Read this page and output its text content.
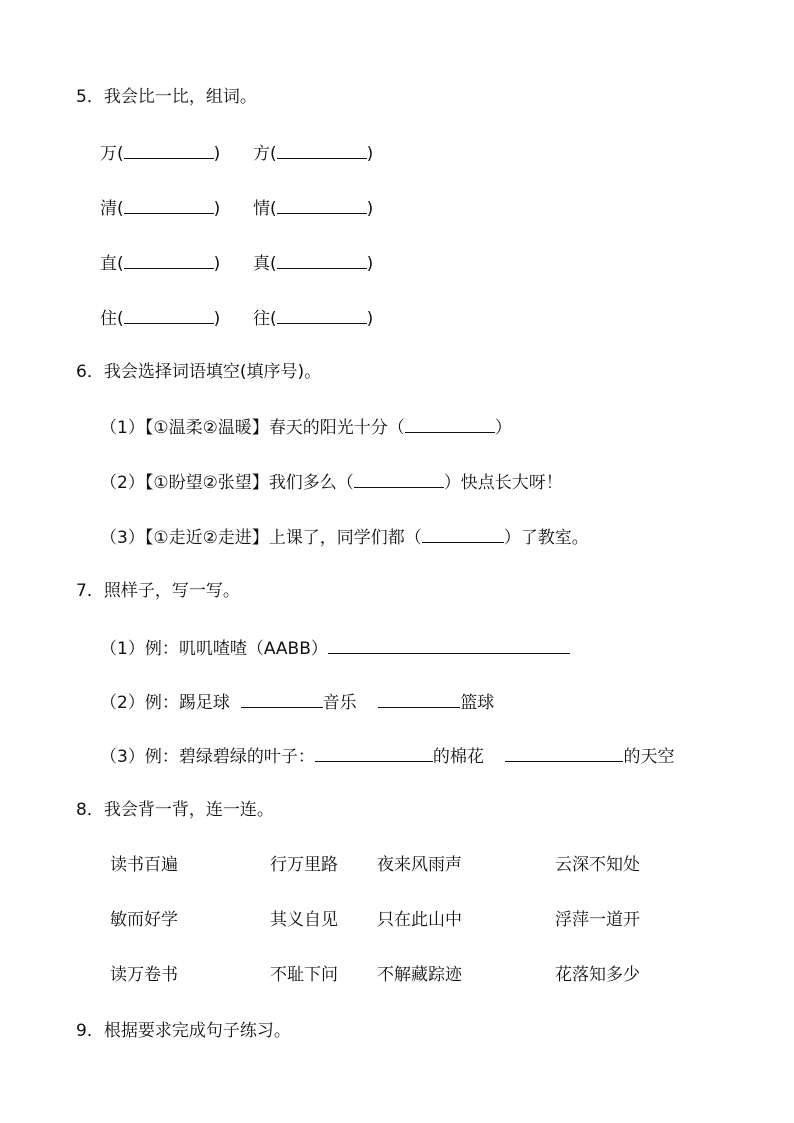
5．我会比一比，组词。
万(	) 方(	)
清(	) 情(	)
直(	) 真(	)
住(	) 往(	)
6．我会选择词语填空(填序号)。
（1）【①温柔②温暖】春天的阳光十分（	）
（2）【①盼望②张望】我们多么（	）快点长大呀！
（3）【①走近②走进】上课了，同学们都（	）了教室。
7．照样子，写一写。
（1）例：叽叽喳喳（AABB）
（2）例：踢足球	音乐	篮球
（3）例：碧绿碧绿的叶子：	的棉花	的天空
8．我会背一背，连一连。
读书百遍	行万里路 夜来风雨声	云深不知处
敏而好学	其义自见 只在此山中	浮萍一道开
读万卷书	不耻下问 不解藏踪迹	花落知多少
9．根据要求完成句子练习。
